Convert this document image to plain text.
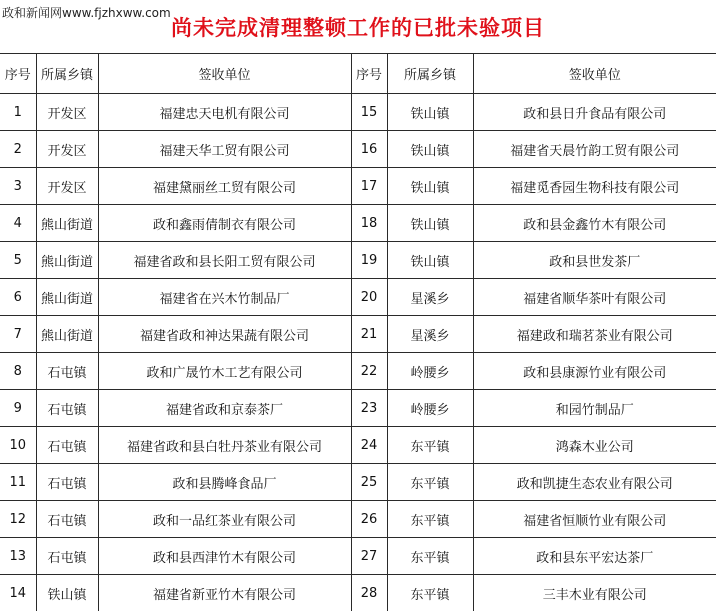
政和新闻网www.fjzhxww.com
尚未完成清理整顿工作的已批未验项目
序号	所属乡镇	签收单位	序号	所属乡镇	签收单位
1	开发区	福建忠天电机有限公司	15	铁山镇	政和县日升食品有限公司
2	开发区	福建天华工贸有限公司	16	铁山镇	福建省天晨竹韵工贸有限公司
3	开发区	福建黛丽丝工贸有限公司	17	铁山镇	福建觅香园生物科技有限公司
4	熊山街道	政和鑫雨倩制衣有限公司	18	铁山镇	政和县金鑫竹木有限公司
5	熊山街道	福建省政和县长阳工贸有限公司	19	铁山镇	政和县世发茶厂
6	熊山街道	福建省在兴木竹制品厂	20	星溪乡	福建省顺华茶叶有限公司
7	熊山街道	福建省政和神达果蔬有限公司	21	星溪乡	福建政和瑞茗茶业有限公司
8	石屯镇	政和广晟竹木工艺有限公司	22	岭腰乡	政和县康源竹业有限公司
9	石屯镇	福建省政和京泰茶厂	23	岭腰乡	和园竹制品厂
10	石屯镇	福建省政和县白牡丹茶业有限公司	24	东平镇	鸿森木业公司
11	石屯镇	政和县腾峰食品厂	25	东平镇	政和凯捷生态农业有限公司
12	石屯镇	政和一品红茶业有限公司	26	东平镇	福建省恒顺竹业有限公司
13	石屯镇	政和县西津竹木有限公司	27	东平镇	政和县东平宏达茶厂
14	铁山镇	福建省新亚竹木有限公司	28	东平镇	三丰木业有限公司
